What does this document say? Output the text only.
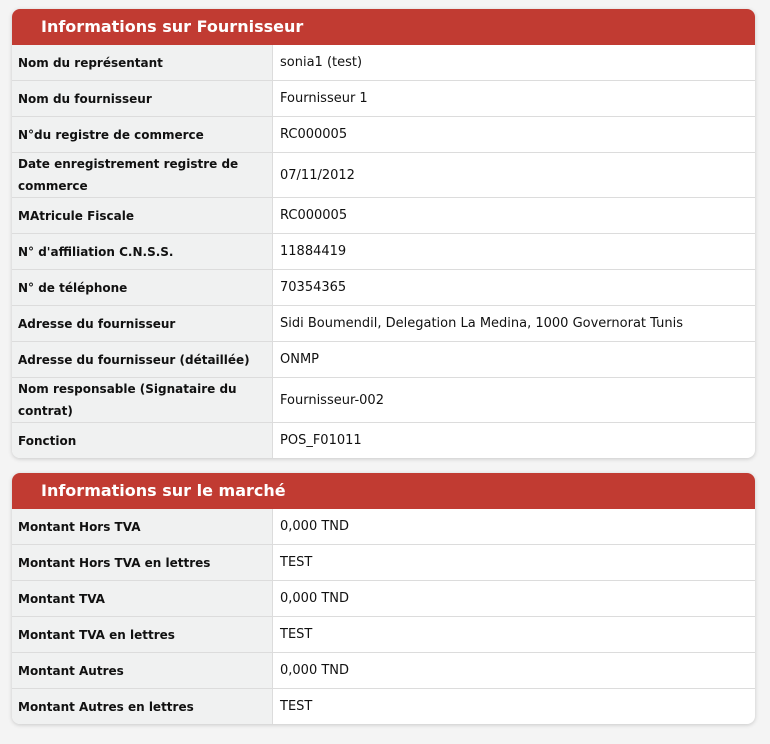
Informations sur Fournisseur
Nom du représentant	sonia1 (test)
Nom du fournisseur	Fournisseur 1
N°du registre de commerce	RC000005
Date enregistrement registre de commerce	07/11/2012
MAtricule Fiscale	RC000005
N° d'affiliation C.N.S.S.	11884419
N° de téléphone	70354365
Adresse du fournisseur	Sidi Boumendil, Delegation La Medina, 1000 Governorat Tunis
Adresse du fournisseur (détaillée)	ONMP
Nom responsable (Signataire du contrat)	Fournisseur-002
Fonction	POS_F01011
Informations sur le marché
Montant Hors TVA	0,000 TND
Montant Hors TVA en lettres	TEST
Montant TVA	0,000 TND
Montant TVA en lettres	TEST
Montant Autres	0,000 TND
Montant Autres en lettres	TEST
